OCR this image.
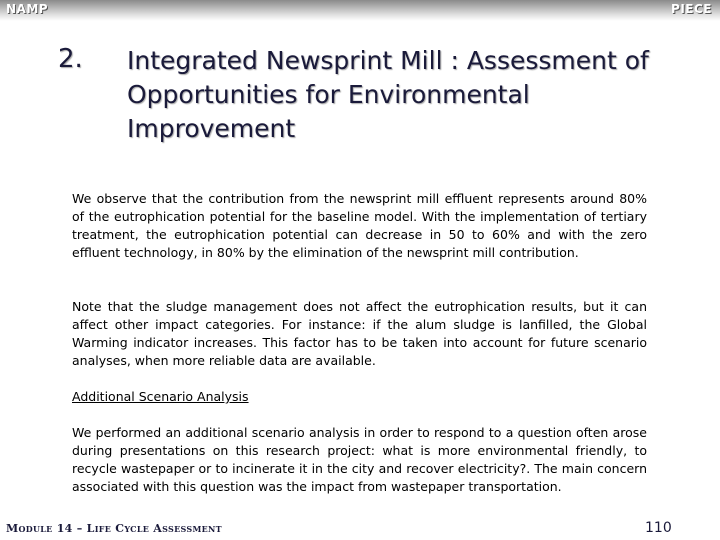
NAMP	PIECE
2. Integrated Newsprint Mill : Assessment of Opportunities for Environmental Improvement

We observe that the contribution from the newsprint mill effluent represents around 80% of the eutrophication potential for the baseline model. With the implementation of tertiary treatment, the eutrophication potential can decrease in 50 to 60% and with the zero effluent technology, in 80% by the elimination of the newsprint mill contribution.

Note that the sludge management does not affect the eutrophication results, but it can affect other impact categories. For instance: if the alum sludge is lanfilled, the Global Warming indicator increases. This factor has to be taken into account for future scenario analyses, when more reliable data are available.

Additional Scenario Analysis

We performed an additional scenario analysis in order to respond to a question often arose during presentations on this research project: what is more environmental friendly, to recycle wastepaper or to incinerate it in the city and recover electricity?. The main concern associated with this question was the impact from wastepaper transportation.

Module 14 – Life Cycle Assessment	110
